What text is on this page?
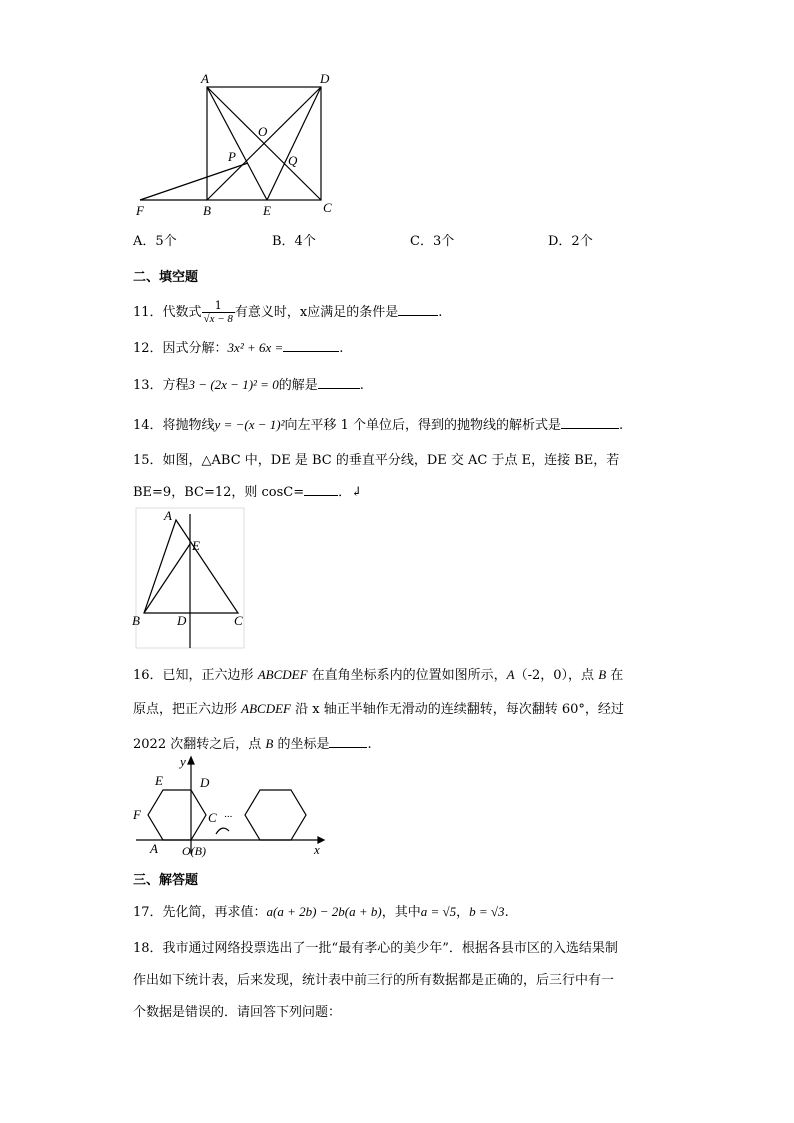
A	D
O
P	Q
F	B	E	C
A．5个	B．4个	C．3个	D．2个
二、填空题
11．代数式 $\frac{1}{√x - 8}$ 有意义时，x应满足的条件是	.
12．因式分解：3x² + 6x =	.
13．方程3 − (2x − 1)² = 0的解是	.
14．将抛物线y = −(x − 1)²向左平移 1 个单位后，得到的抛物线的解析式是	.
15．如图，△ABC 中，DE 是 BC 的垂直平分线，DE 交 AC 于点 E，连接 BE，若
BE=9，BC=12，则 cosC=	．↲
A
E
B	D	C
16．已知，正六边形 ABCDEF 在直角坐标系内的位置如图所示，A（-2，0），点 B 在
原点，把正六边形 ABCDEF 沿 x 轴正半轴作无滑动的连续翻转，每次翻转 60°，经过
2022 次翻转之后，点 B 的坐标是	.
y
x
E	D
F	C ···
A O(B)
三、解答题
17．先化简，再求值：a(a + 2b) − 2b(a + b)，其中a = √5，b = √3.
18．我市通过网络投票选出了一批“最有孝心的美少年”．根据各县市区的入选结果制
作出如下统计表，后来发现，统计表中前三行的所有数据都是正确的，后三行中有一
个数据是错误的．请回答下列问题：
